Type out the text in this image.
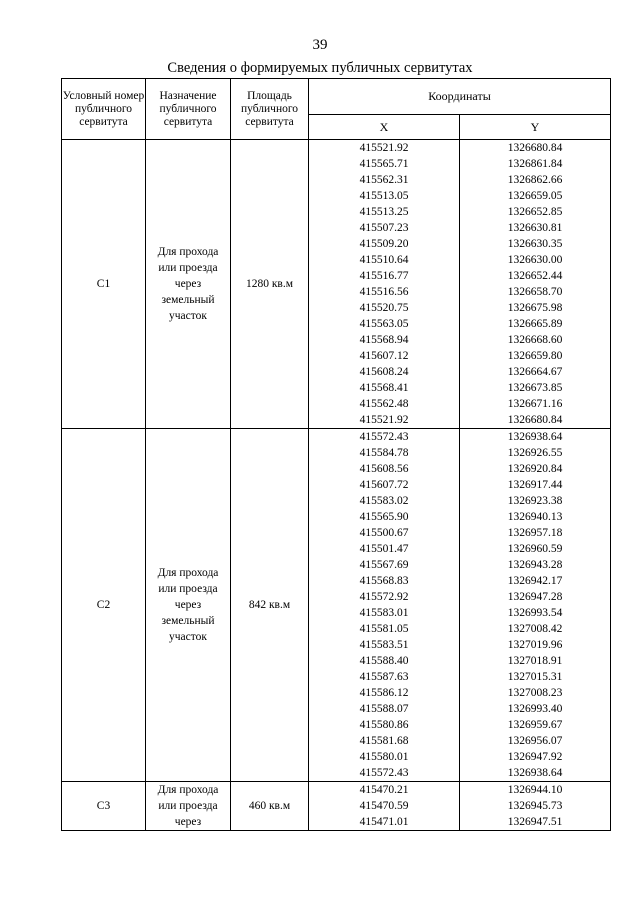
39
Сведения о формируемых публичных сервитутах
Условный номер публичного сервитута	Назначение публичного сервитута	Площадь публичного сервитута	Координаты	
			X	Y
С1	Для прохода или проезда через земельный участок	1280 кв.м	415521.92	1326680.84
			415565.71	1326861.84
			415562.31	1326862.66
			415513.05	1326659.05
			415513.25	1326652.85
			415507.23	1326630.81
			415509.20	1326630.35
			415510.64	1326630.00
			415516.77	1326652.44
			415516.56	1326658.70
			415520.75	1326675.98
			415563.05	1326665.89
			415568.94	1326668.60
			415607.12	1326659.80
			415608.24	1326664.67
			415568.41	1326673.85
			415562.48	1326671.16
			415521.92	1326680.84
С2	Для прохода или проезда через земельный участок	842 кв.м	415572.43	1326938.64
			415584.78	1326926.55
			415608.56	1326920.84
			415607.72	1326917.44
			415583.02	1326923.38
			415565.90	1326940.13
			415500.67	1326957.18
			415501.47	1326960.59
			415567.69	1326943.28
			415568.83	1326942.17
			415572.92	1326947.28
			415583.01	1326993.54
			415581.05	1327008.42
			415583.51	1327019.96
			415588.40	1327018.91
			415587.63	1327015.31
			415586.12	1327008.23
			415588.07	1326993.40
			415580.86	1326959.67
			415581.68	1326956.07
			415580.01	1326947.92
			415572.43	1326938.64
С3	Для прохода или проезда через	460 кв.м	415470.21	1326944.10
			415470.59	1326945.73
			415471.01	1326947.51
